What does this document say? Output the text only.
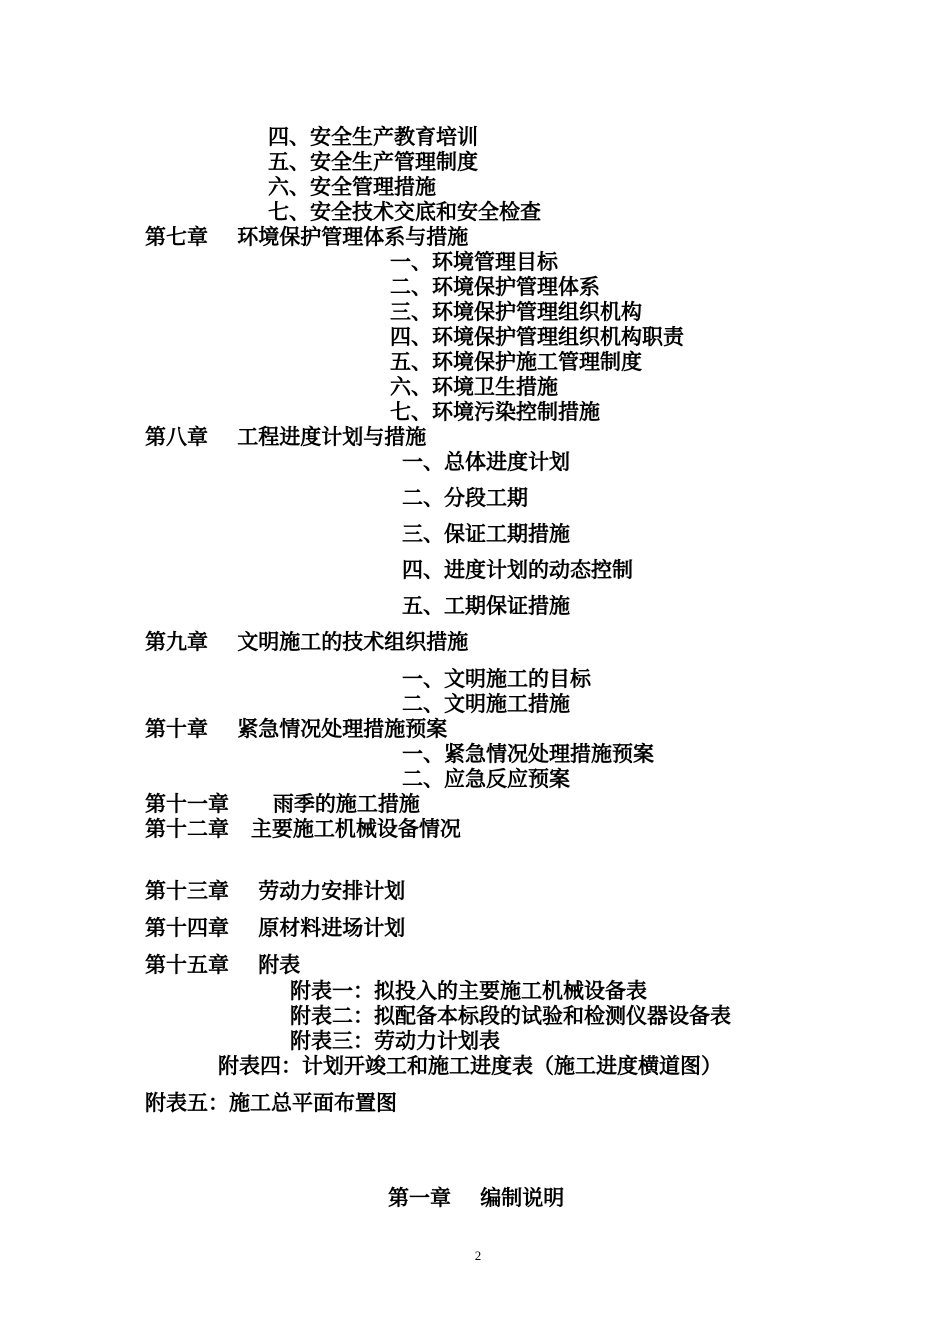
四、安全生产教育培训
五、安全生产管理制度
六、安全管理措施
七、安全技术交底和安全检查
第七章    环境保护管理体系与措施
一、环境管理目标
二、环境保护管理体系
三、环境保护管理组织机构
四、环境保护管理组织机构职责
五、环境保护施工管理制度
六、环境卫生措施
七、环境污染控制措施
第八章    工程进度计划与措施
一、总体进度计划
二、分段工期
三、保证工期措施
四、进度计划的动态控制
五、工期保证措施
第九章    文明施工的技术组织措施
一、文明施工的目标
二、文明施工措施
第十章    紧急情况处理措施预案
一、紧急情况处理措施预案
二、应急反应预案
第十一章      雨季的施工措施
第十二章   主要施工机械设备情况
第十三章    劳动力安排计划
第十四章    原材料进场计划
第十五章    附表
附表一：拟投入的主要施工机械设备表
附表二：拟配备本标段的试验和检测仪器设备表
附表三：劳动力计划表
附表四：计划开竣工和施工进度表（施工进度横道图）
附表五：施工总平面布置图
第一章    编制说明
2
